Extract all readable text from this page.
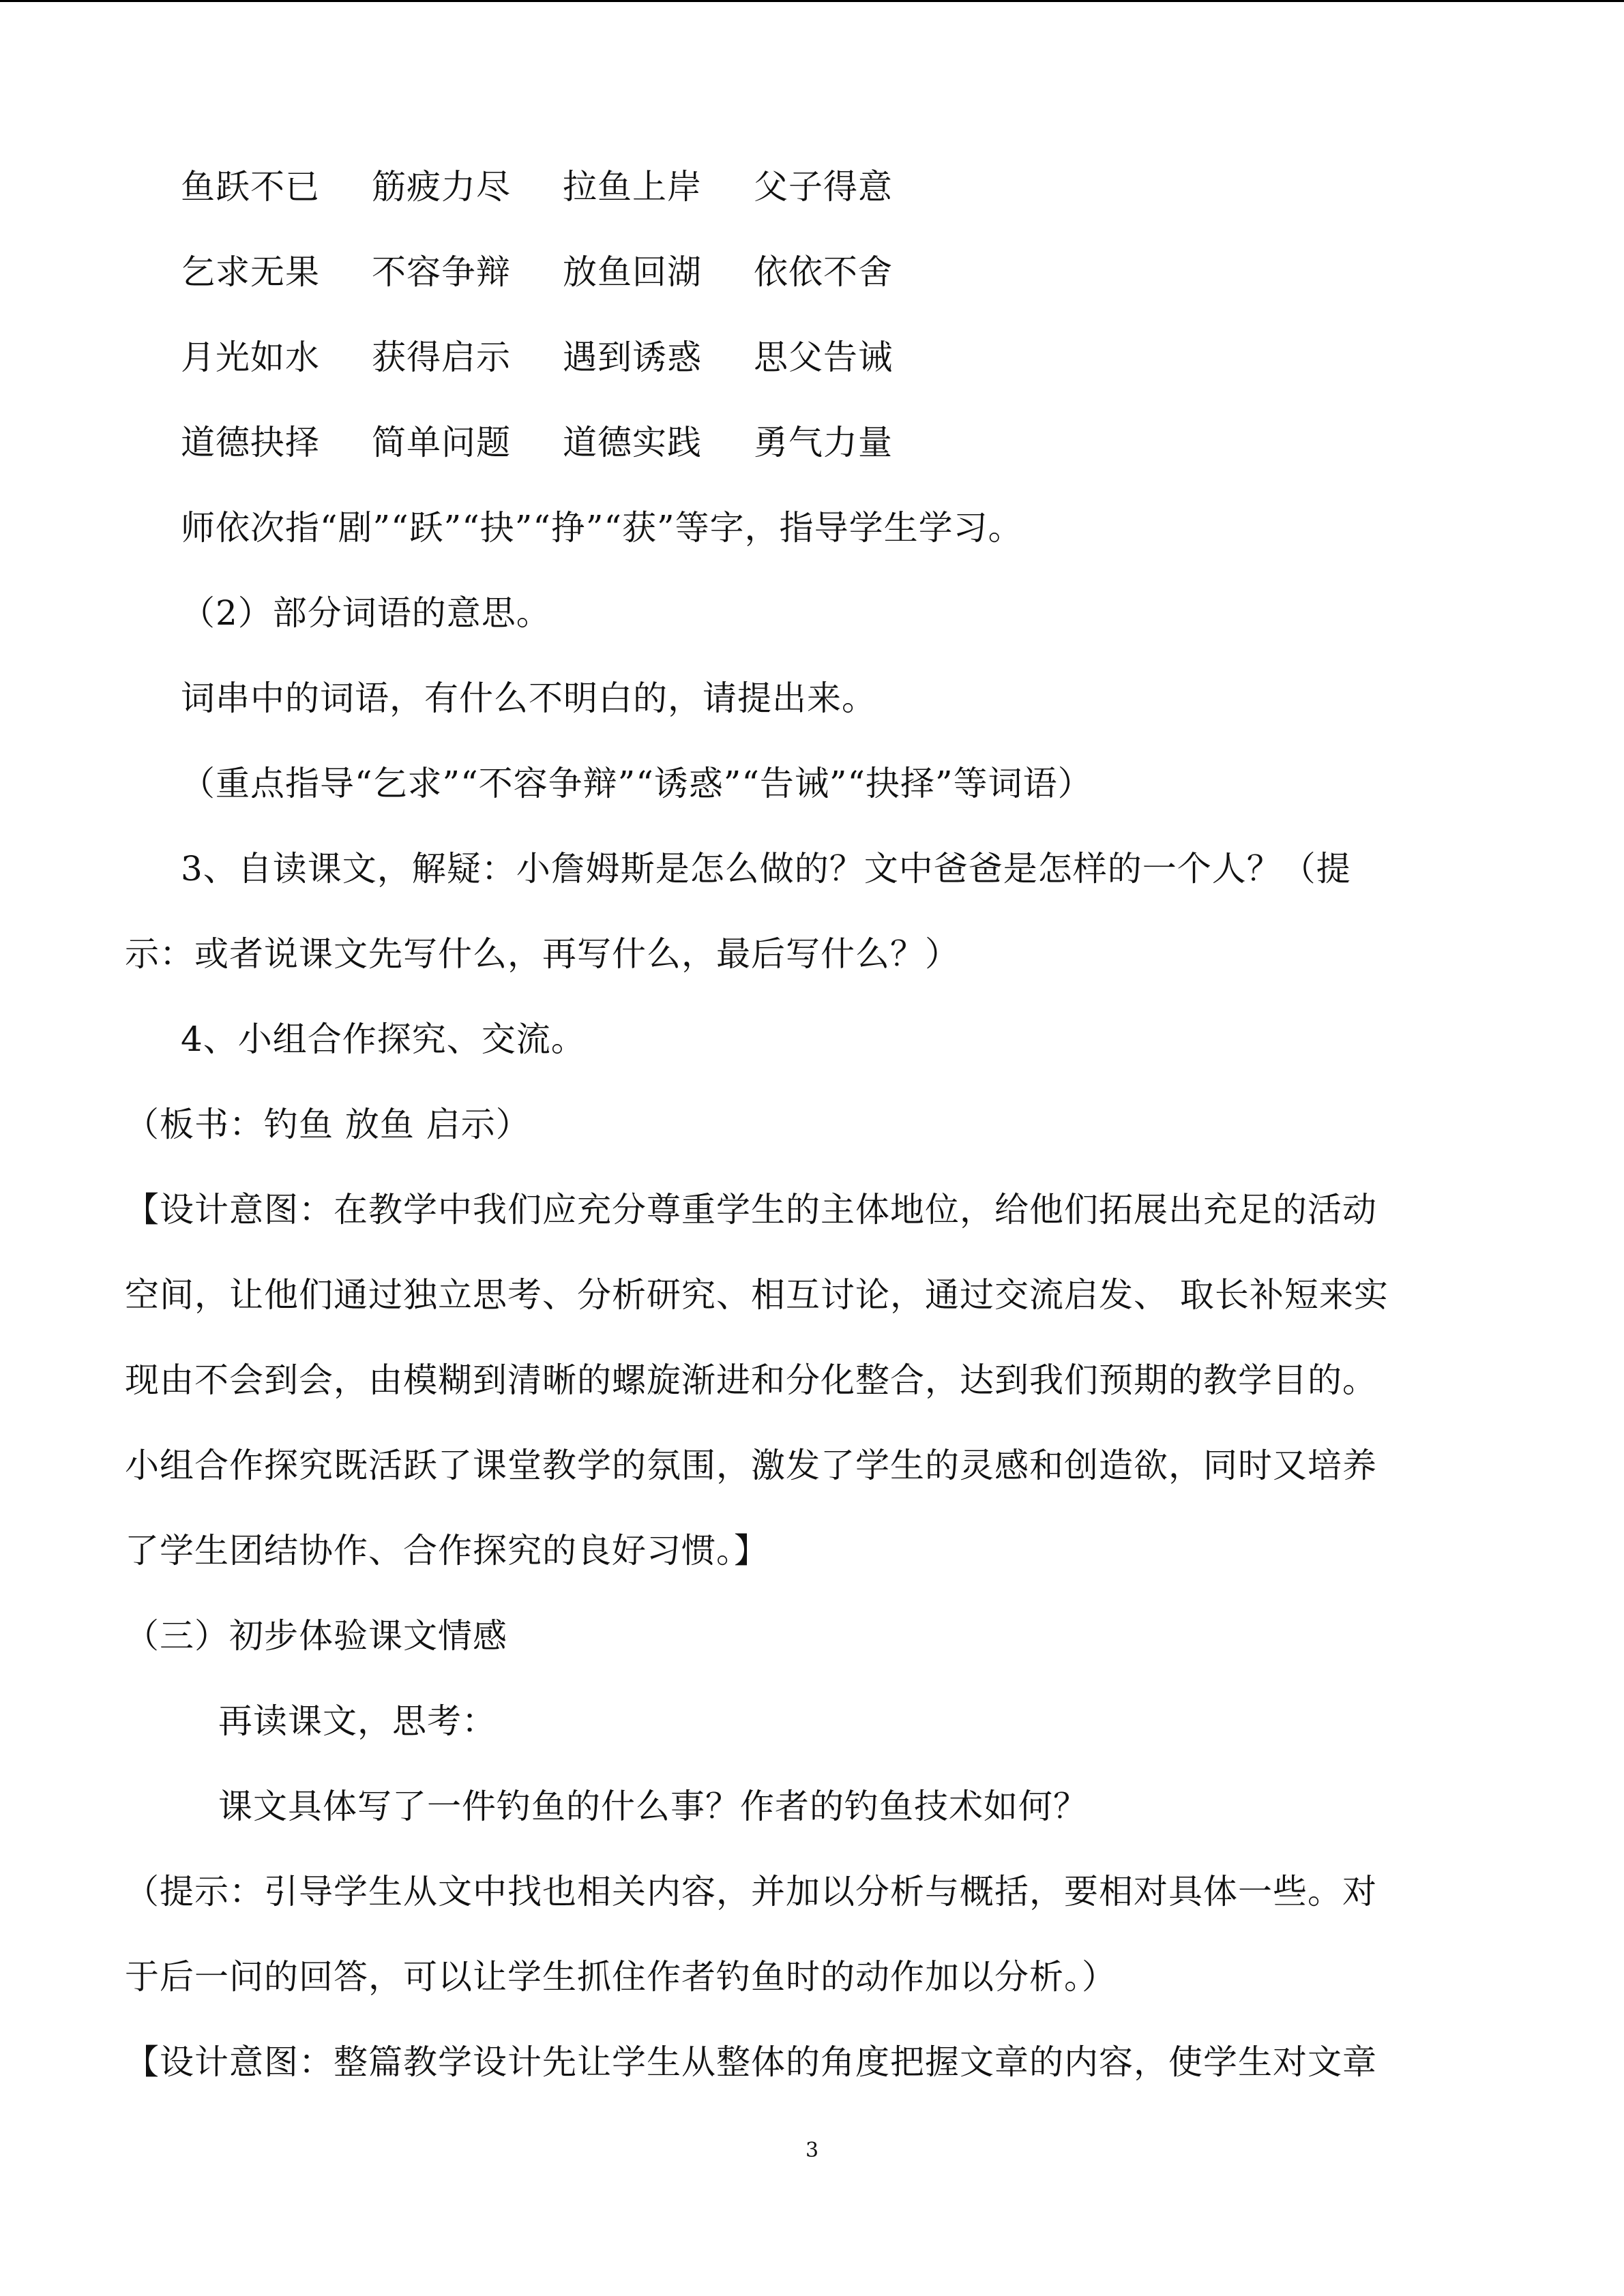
鱼跃不已 筋疲力尽 拉鱼上岸 父子得意
乞求无果 不容争辩 放鱼回湖 依依不舍
月光如水 获得启示 遇到诱惑 思父告诫
道德抉择 简单问题 道德实践 勇气力量
师依次指“剧”“跃”“抉”“挣”“获”等字，指导学生学习。
（2）部分词语的意思。
词串中的词语，有什么不明白的，请提出来。
（重点指导“乞求”“不容争辩”“诱惑”“告诫”“抉择”等词语）
3、自读课文，解疑：小詹姆斯是怎么做的？文中爸爸是怎样的一个人？（提
示：或者说课文先写什么，再写什么，最后写什么？）
4、小组合作探究、交流。
（板书：钓鱼 放鱼 启示）
【设计意图：在教学中我们应充分尊重学生的主体地位，给他们拓展出充足的活动
空间，让他们通过独立思考、分析研究、相互讨论，通过交流启发、 取长补短来实
现由不会到会，由模糊到清晰的螺旋渐进和分化整合，达到我们预期的教学目的。
小组合作探究既活跃了课堂教学的氛围，激发了学生的灵感和创造欲，同时又培养
了学生团结协作、合作探究的良好习惯。】
（三）初步体验课文情感
再读课文，思考：
课文具体写了一件钓鱼的什么事？作者的钓鱼技术如何？
（提示：引导学生从文中找也相关内容，并加以分析与概括，要相对具体一些。对
于后一问的回答，可以让学生抓住作者钓鱼时的动作加以分析。）
【设计意图：整篇教学设计先让学生从整体的角度把握文章的内容，使学生对文章
3
